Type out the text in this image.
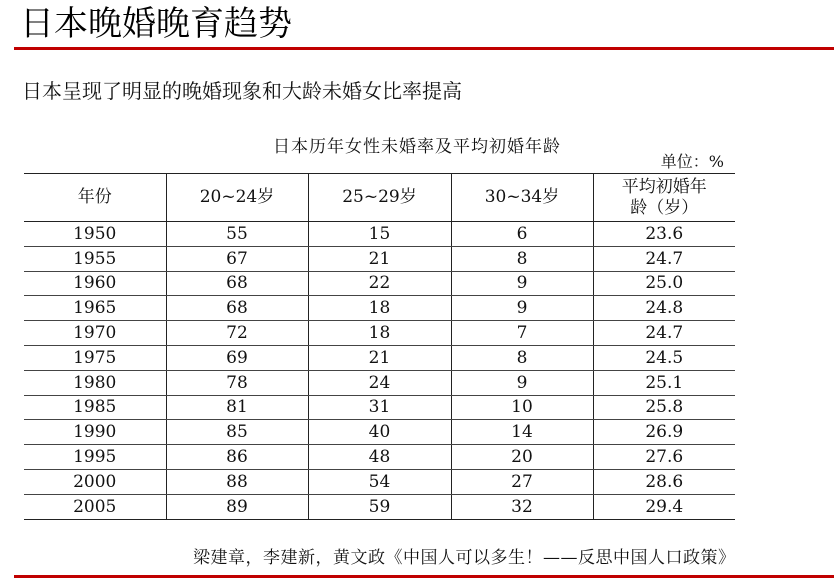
日本晚婚晚育趋势
日本呈现了明显的晚婚现象和大龄未婚女比率提高
日本历年女性未婚率及平均初婚年龄
单位：%
年份	20~24岁	25~29岁	30~34岁	平均初婚年龄（岁）

1950	55	15	6	23.6
1955	67	21	8	24.7
1960	68	22	9	25.0
1965	68	18	9	24.8
1970	72	18	7	24.7
1975	69	21	8	24.5
1980	78	24	9	25.1
1985	81	31	10	25.8
1990	85	40	14	26.9
1995	86	48	20	27.6
2000	88	54	27	28.6
2005	89	59	32	29.4
梁建章，李建新，黄文政《中国人可以多生！——反思中国人口政策》
